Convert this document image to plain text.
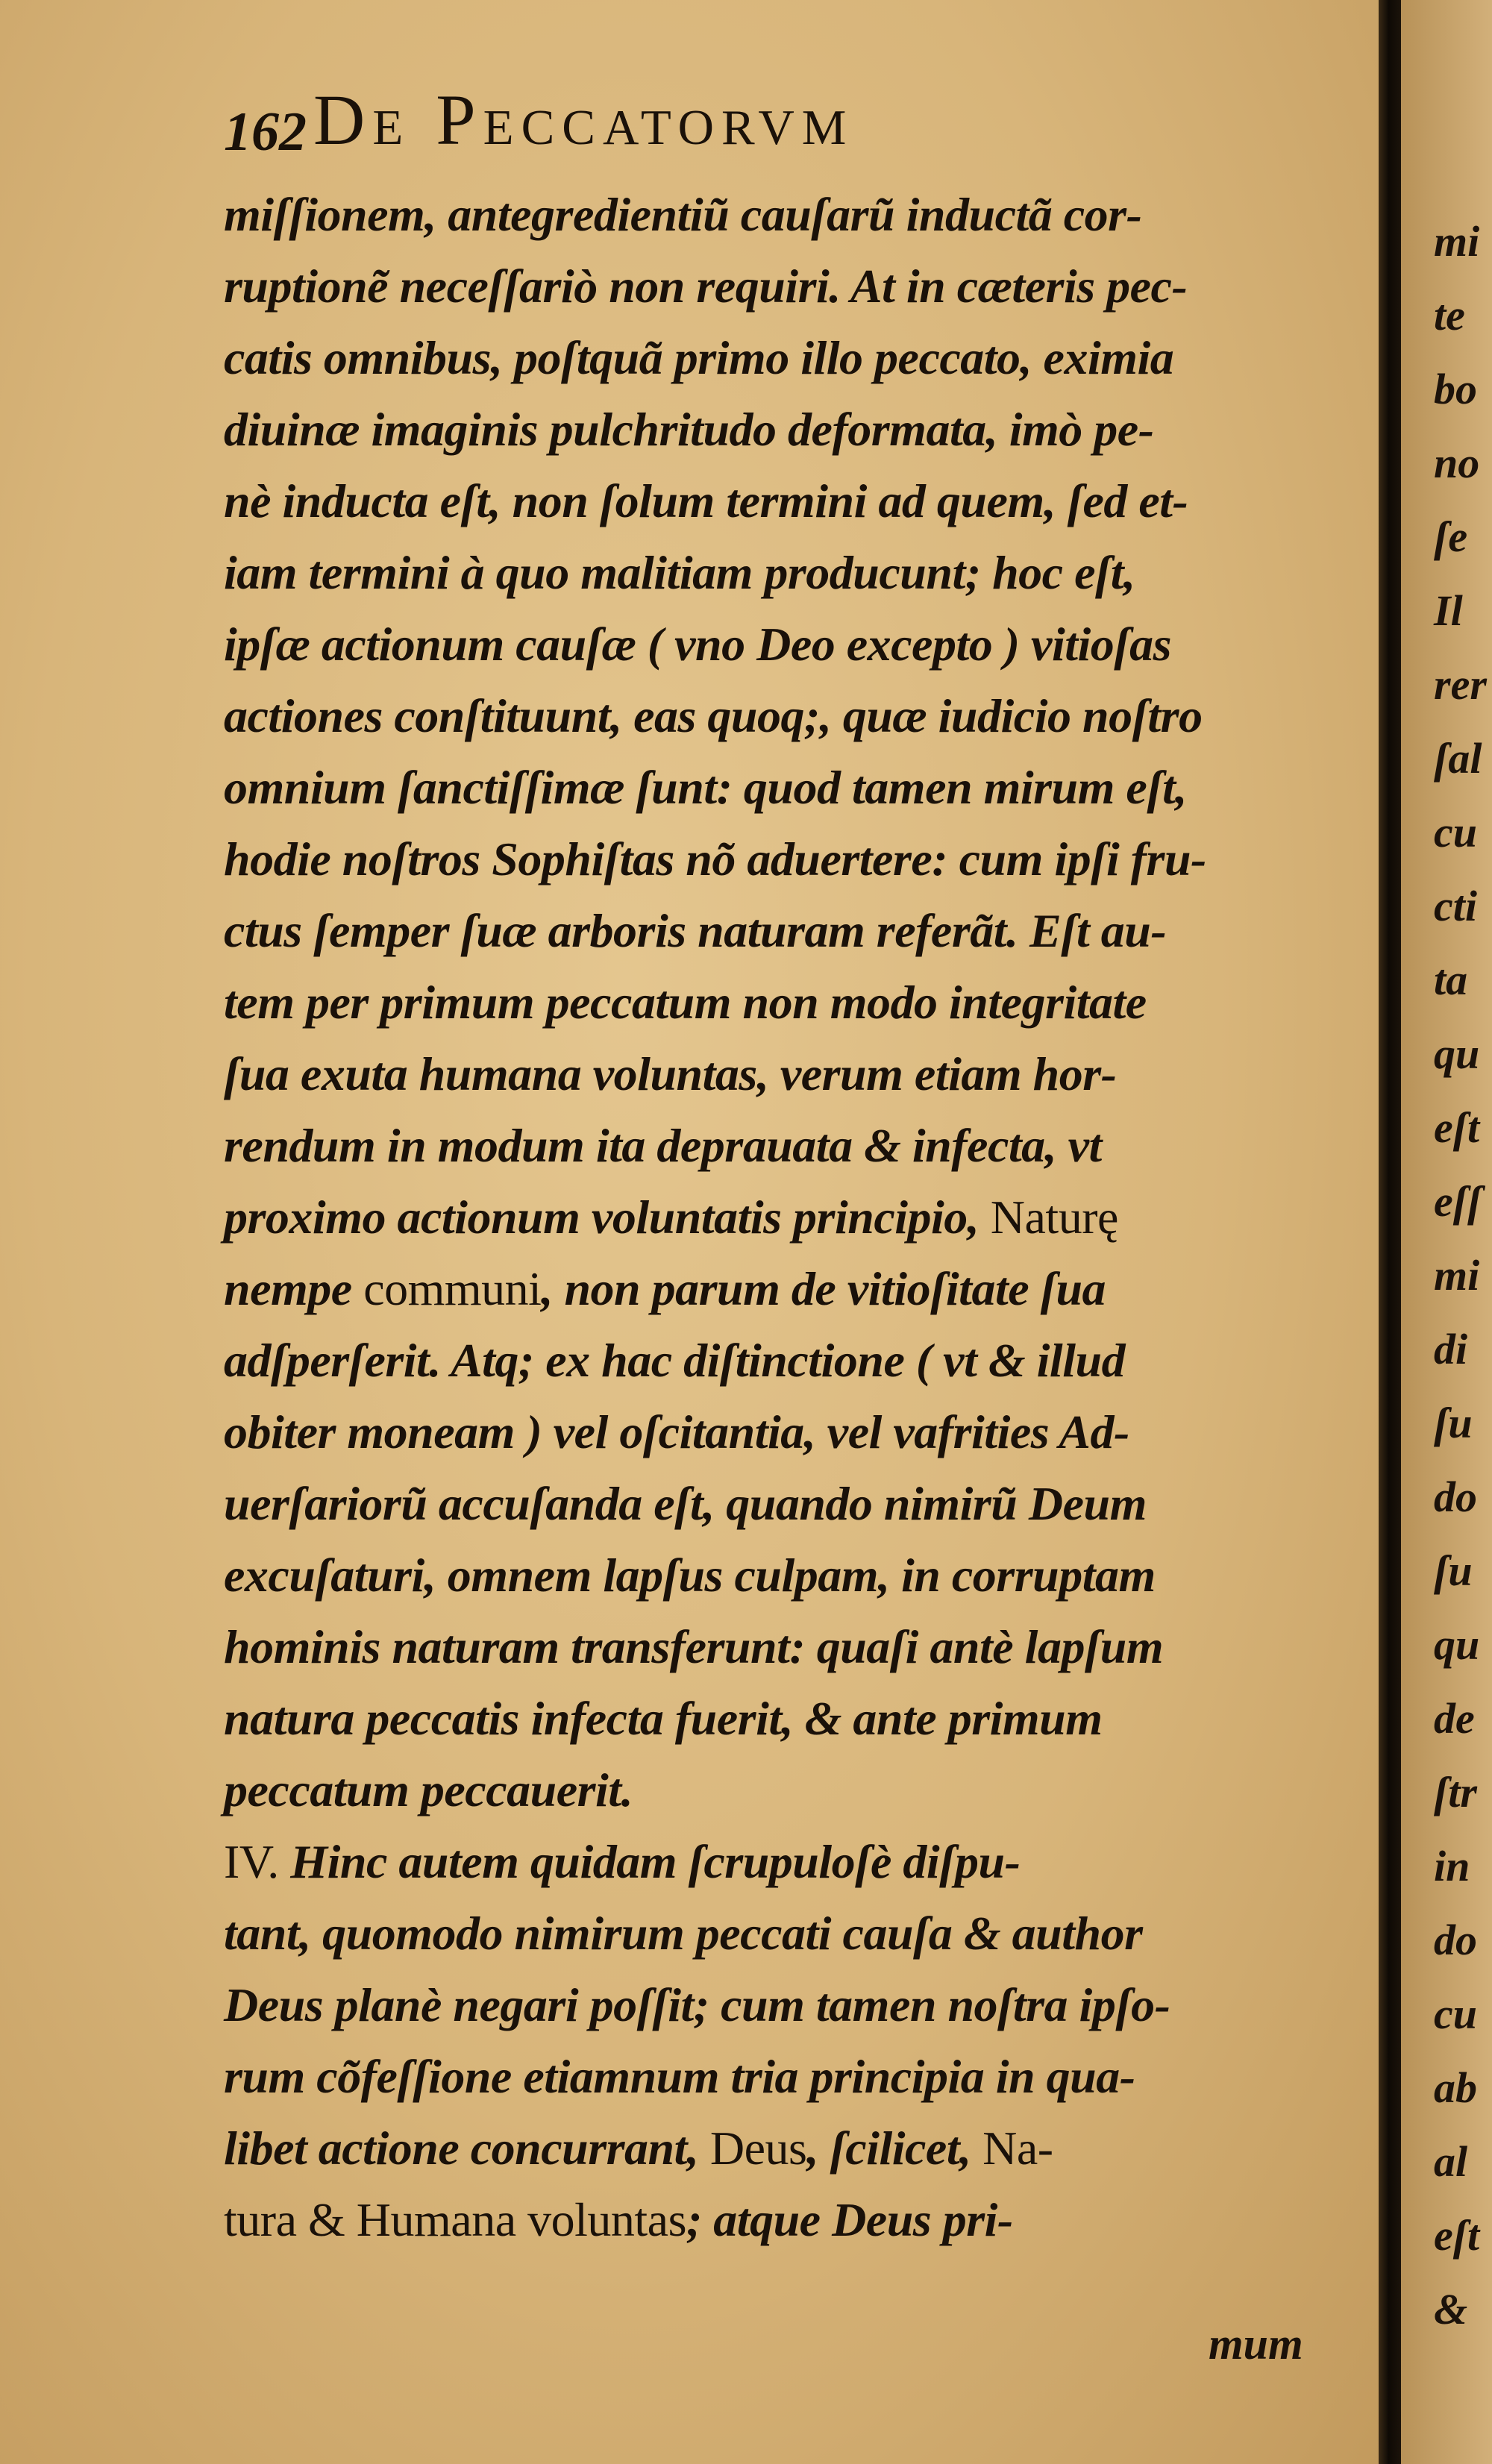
mi
te
bo
no
ſe
Il
rer
ſal
cu
cti
ta
qu
eſt
eſſ
mi
di
ſu
do
ſu
qu
de
ſtr
in
do
cu
ab
al
eſt
&
162 De Peccatorvm
miſſionem, antegredientiũ cauſarũ inductã cor-
ruptionẽ neceſſariò non requiri. At in cæteris pec-
catis omnibus, poſtquã primo illo peccato, eximia
diuinæ imaginis pulchritudo deformata, imò pe-
nè inducta eſt, non ſolum termini ad quem, ſed et-
iam termini à quo malitiam producunt; hoc eſt,
ipſæ actionum cauſæ ( vno Deo excepto ) vitioſas
actiones conſtituunt, eas quoq;, quæ iudicio noſtro
omnium ſanctiſſimæ ſunt: quod tamen mirum eſt,
hodie noſtros Sophiſtas nõ aduertere: cum ipſi fru-
ctus ſemper ſuæ arboris naturam referãt. Eſt au-
tem per primum peccatum non modo integritate
ſua exuta humana voluntas, verum etiam hor-
rendum in modum ita deprauata & infecta, vt
proximo actionum voluntatis principio, Naturę
nempe communi, non parum de vitioſitate ſua
adſperſerit. Atq; ex hac diſtinctione ( vt & illud
obiter moneam ) vel oſcitantia, vel vafrities Ad-
uerſariorũ accuſanda eſt, quando nimirũ Deum
excuſaturi, omnem lapſus culpam, in corruptam
hominis naturam transferunt: quaſi antè lapſum
natura peccatis infecta fuerit, & ante primum
peccatum peccauerit.
IV. Hinc autem quidam ſcrupuloſè diſpu-
tant, quomodo nimirum peccati cauſa & author
Deus planè negari poſſit; cum tamen noſtra ipſo-
rum cõfeſſione etiamnum tria principia in qua-
libet actione concurrant, Deus, ſcilicet, Na-
tura & Humana voluntas; atque Deus pri-
mum
